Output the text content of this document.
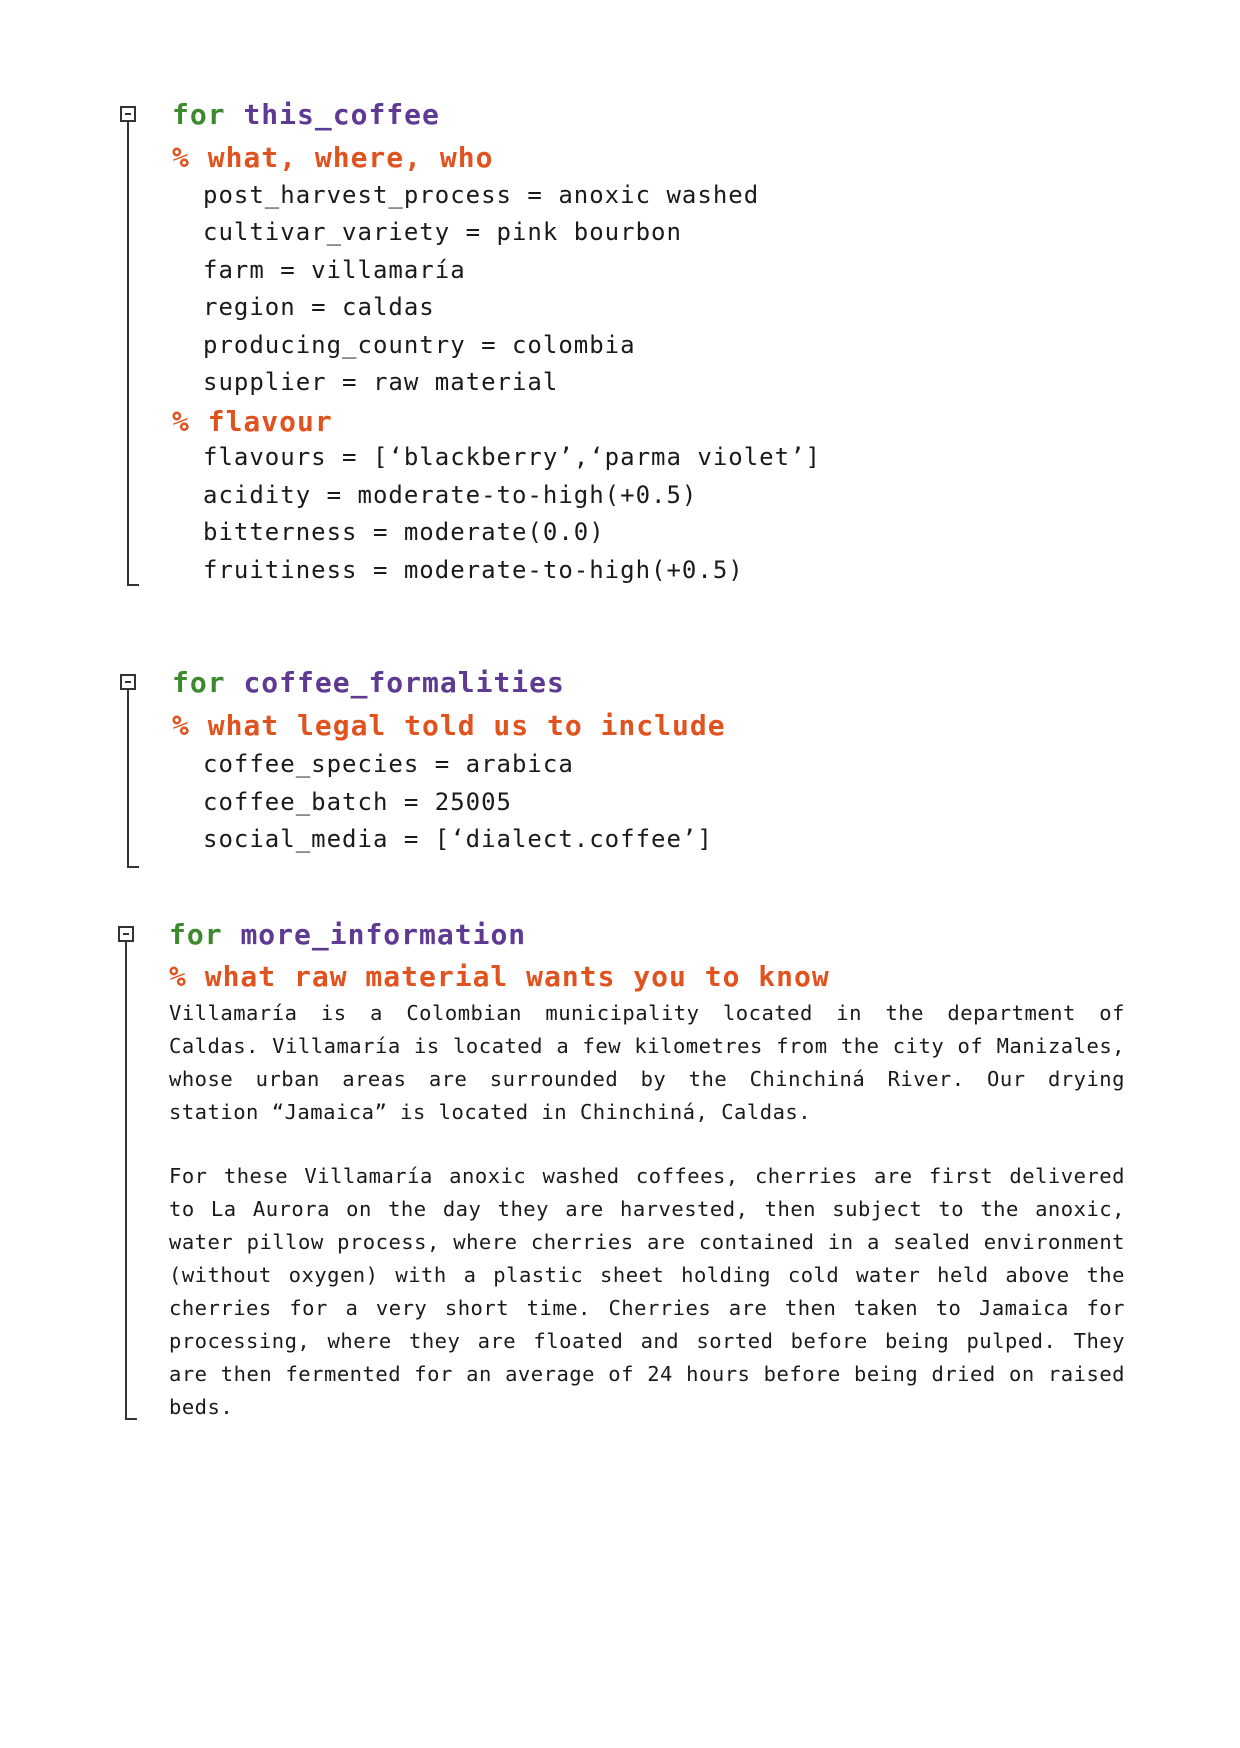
for this_coffee
% what, where, who
post_harvest_process = anoxic washed
cultivar_variety = pink bourbon
farm = villamaría
region = caldas
producing_country = colombia
supplier = raw material
% flavour
flavours = [‘blackberry’,‘parma violet’]
acidity = moderate-to-high(+0.5)
bitterness = moderate(0.0)
fruitiness = moderate-to-high(+0.5)
for coffee_formalities
% what legal told us to include
coffee_species = arabica
coffee_batch = 25005
social_media = [‘dialect.coffee’]
for more_information
% what raw material wants you to know

Villamaría is a Colombian municipality located in the department of Caldas. Villamaría is located a few kilometres from the city of Manizales, whose urban areas are surrounded by the Chinchiná River. Our drying station “Jamaica” is located in Chinchiná, Caldas.

For these Villamaría anoxic washed coffees, cherries are first delivered to La Aurora on the day they are harvested, then subject to the anoxic, water pillow process, where cherries are contained in a sealed environment (without oxygen) with a plastic sheet holding cold water held above the cherries for a very short time. Cherries are then taken to Jamaica for processing, where they are floated and sorted before being pulped. They are then fermented for an average of 24 hours before being dried on raised beds.
